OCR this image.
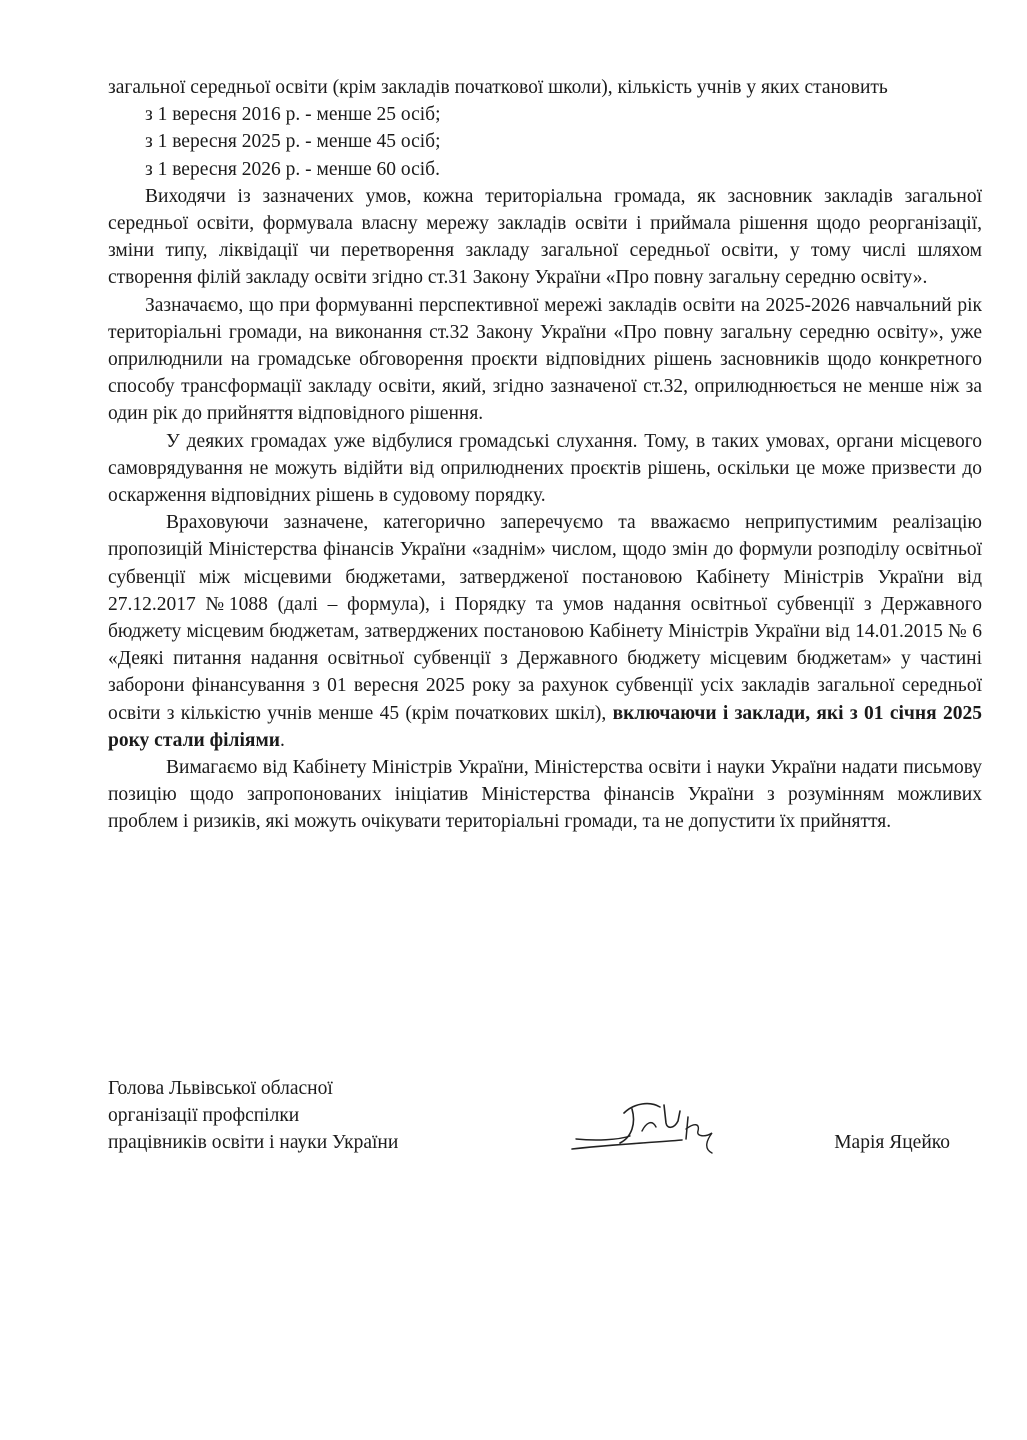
загальної середньої освіти (крім закладів початкової школи), кількість учнів у яких становить

з 1 вересня 2016 р. - менше 25 осіб;

з 1 вересня 2025 р. - менше 45 осіб;

з 1 вересня 2026 р. - менше 60 осіб.

Виходячи із зазначених умов, кожна територіальна громада, як засновник закладів загальної середньої освіти, формувала власну мережу закладів освіти і приймала рішення щодо реорганізації, зміни типу, ліквідації чи перетворення закладу загальної середньої освіти, у тому числі шляхом створення філій закладу освіти згідно ст.31 Закону України «Про повну загальну середню освіту».

Зазначаємо, що при формуванні перспективної мережі закладів освіти на 2025-2026 навчальний рік територіальні громади, на виконання ст.32 Закону України «Про повну загальну середню освіту», уже оприлюднили на громадське обговорення проєкти відповідних рішень засновників щодо конкретного способу трансформації закладу освіти, який, згідно зазначеної ст.32, оприлюднюється не менше ніж за один рік до прийняття відповідного рішення.

У деяких громадах уже відбулися громадські слухання. Тому, в таких умовах, органи місцевого самоврядування не можуть відійти від оприлюднених проєктів рішень, оскільки це може призвести до оскарження відповідних рішень в судовому порядку.

Враховуючи зазначене, категорично заперечуємо та вважаємо неприпустимим реалізацію пропозицій Міністерства фінансів України «заднім» числом, щодо змін до формули розподілу освітньої субвенції між місцевими бюджетами, затвердженої постановою Кабінету Міністрів України від 27.12.2017 №1088 (далі – формула), і Порядку та умов надання освітньої субвенції з Державного бюджету місцевим бюджетам, затверджених постановою Кабінету Міністрів України від 14.01.2015 № 6 «Деякі питання надання освітньої субвенції з Державного бюджету місцевим бюджетам» у частині заборони фінансування з 01 вересня 2025 року за рахунок субвенції усіх закладів загальної середньої освіти з кількістю учнів менше 45 (крім початкових шкіл), включаючи і заклади, які з 01 січня 2025 року стали філіями.

Вимагаємо від Кабінету Міністрів України, Міністерства освіти і науки України надати письмову позицію щодо запропонованих ініціатив Міністерства фінансів України з розумінням можливих проблем і ризиків, які можуть очікувати територіальні громади, та не допустити їх прийняття.

Голова Львівської обласної
організації профспілки
працівників освіти і науки України	Марія Яцейко
